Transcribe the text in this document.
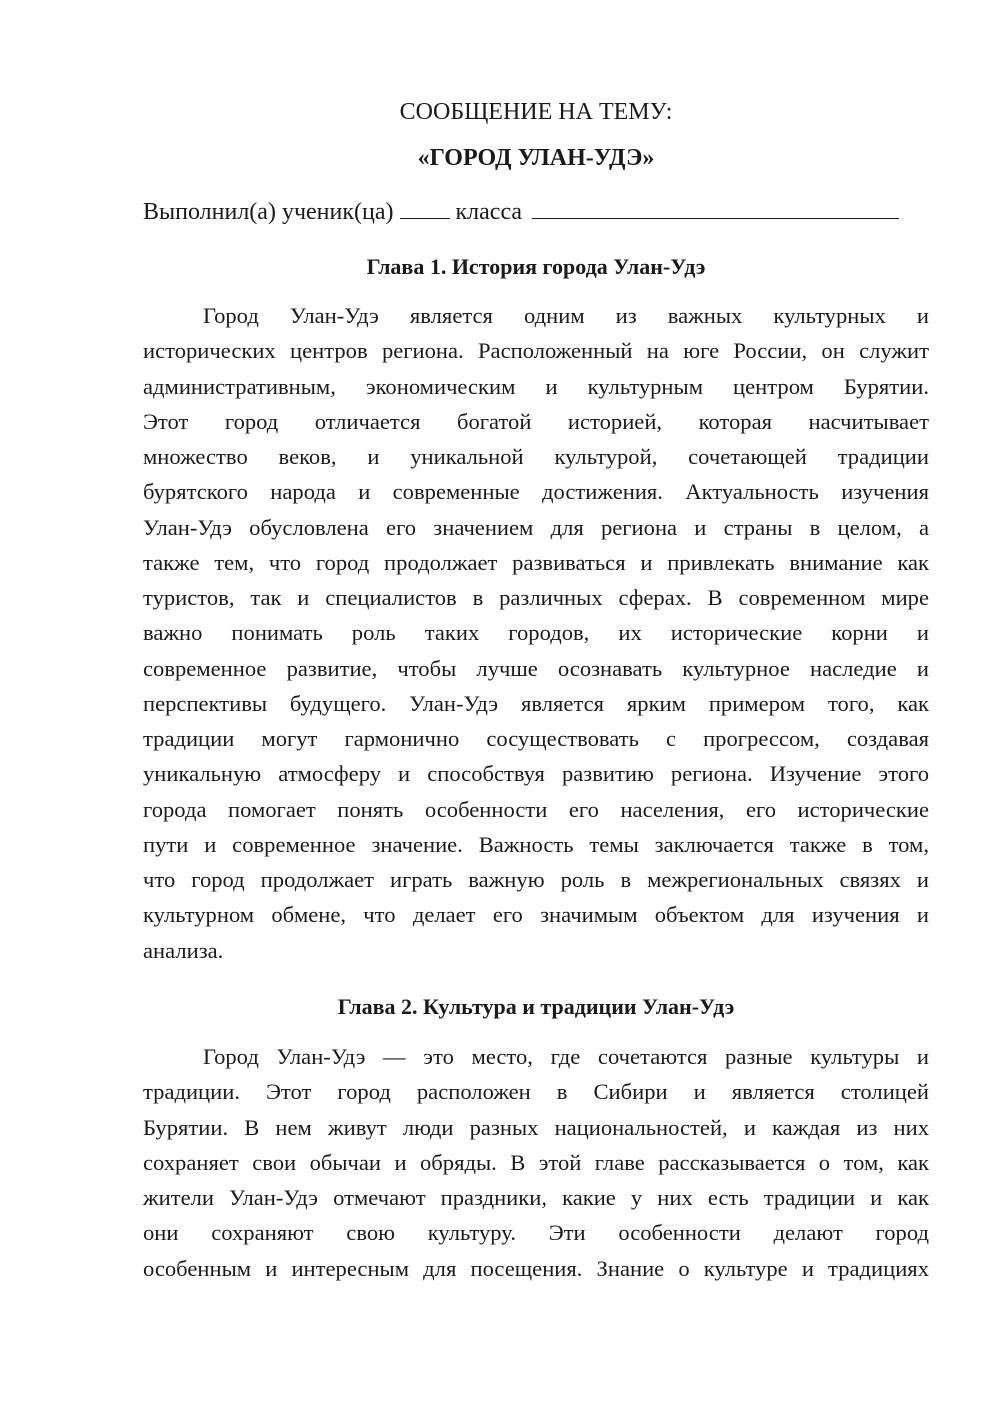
СООБЩЕНИЕ НА ТЕМУ:
«ГОРОД УЛАН-УДЭ»
Выполнил(а) ученик(ца)	класса
Глава 1. История города Улан-Удэ
Город Улан-Удэ является одним из важных культурных и
исторических центров региона. Расположенный на юге России, он служит
административным, экономическим и культурным центром Бурятии.
Этот город отличается богатой историей, которая насчитывает
множество веков, и уникальной культурой, сочетающей традиции
бурятского народа и современные достижения. Актуальность изучения
Улан-Удэ обусловлена его значением для региона и страны в целом, а
также тем, что город продолжает развиваться и привлекать внимание как
туристов, так и специалистов в различных сферах. В современном мире
важно понимать роль таких городов, их исторические корни и
современное развитие, чтобы лучше осознавать культурное наследие и
перспективы будущего. Улан-Удэ является ярким примером того, как
традиции могут гармонично сосуществовать с прогрессом, создавая
уникальную атмосферу и способствуя развитию региона. Изучение этого
города помогает понять особенности его населения, его исторические
пути и современное значение. Важность темы заключается также в том,
что город продолжает играть важную роль в межрегиональных связях и
культурном обмене, что делает его значимым объектом для изучения и
анализа.
Глава 2. Культура и традиции Улан-Удэ
Город Улан-Удэ — это место, где сочетаются разные культуры и
традиции. Этот город расположен в Сибири и является столицей
Бурятии. В нем живут люди разных национальностей, и каждая из них
сохраняет свои обычаи и обряды. В этой главе рассказывается о том, как
жители Улан-Удэ отмечают праздники, какие у них есть традиции и как
они сохраняют свою культуру. Эти особенности делают город
особенным и интересным для посещения. Знание о культуре и традициях
